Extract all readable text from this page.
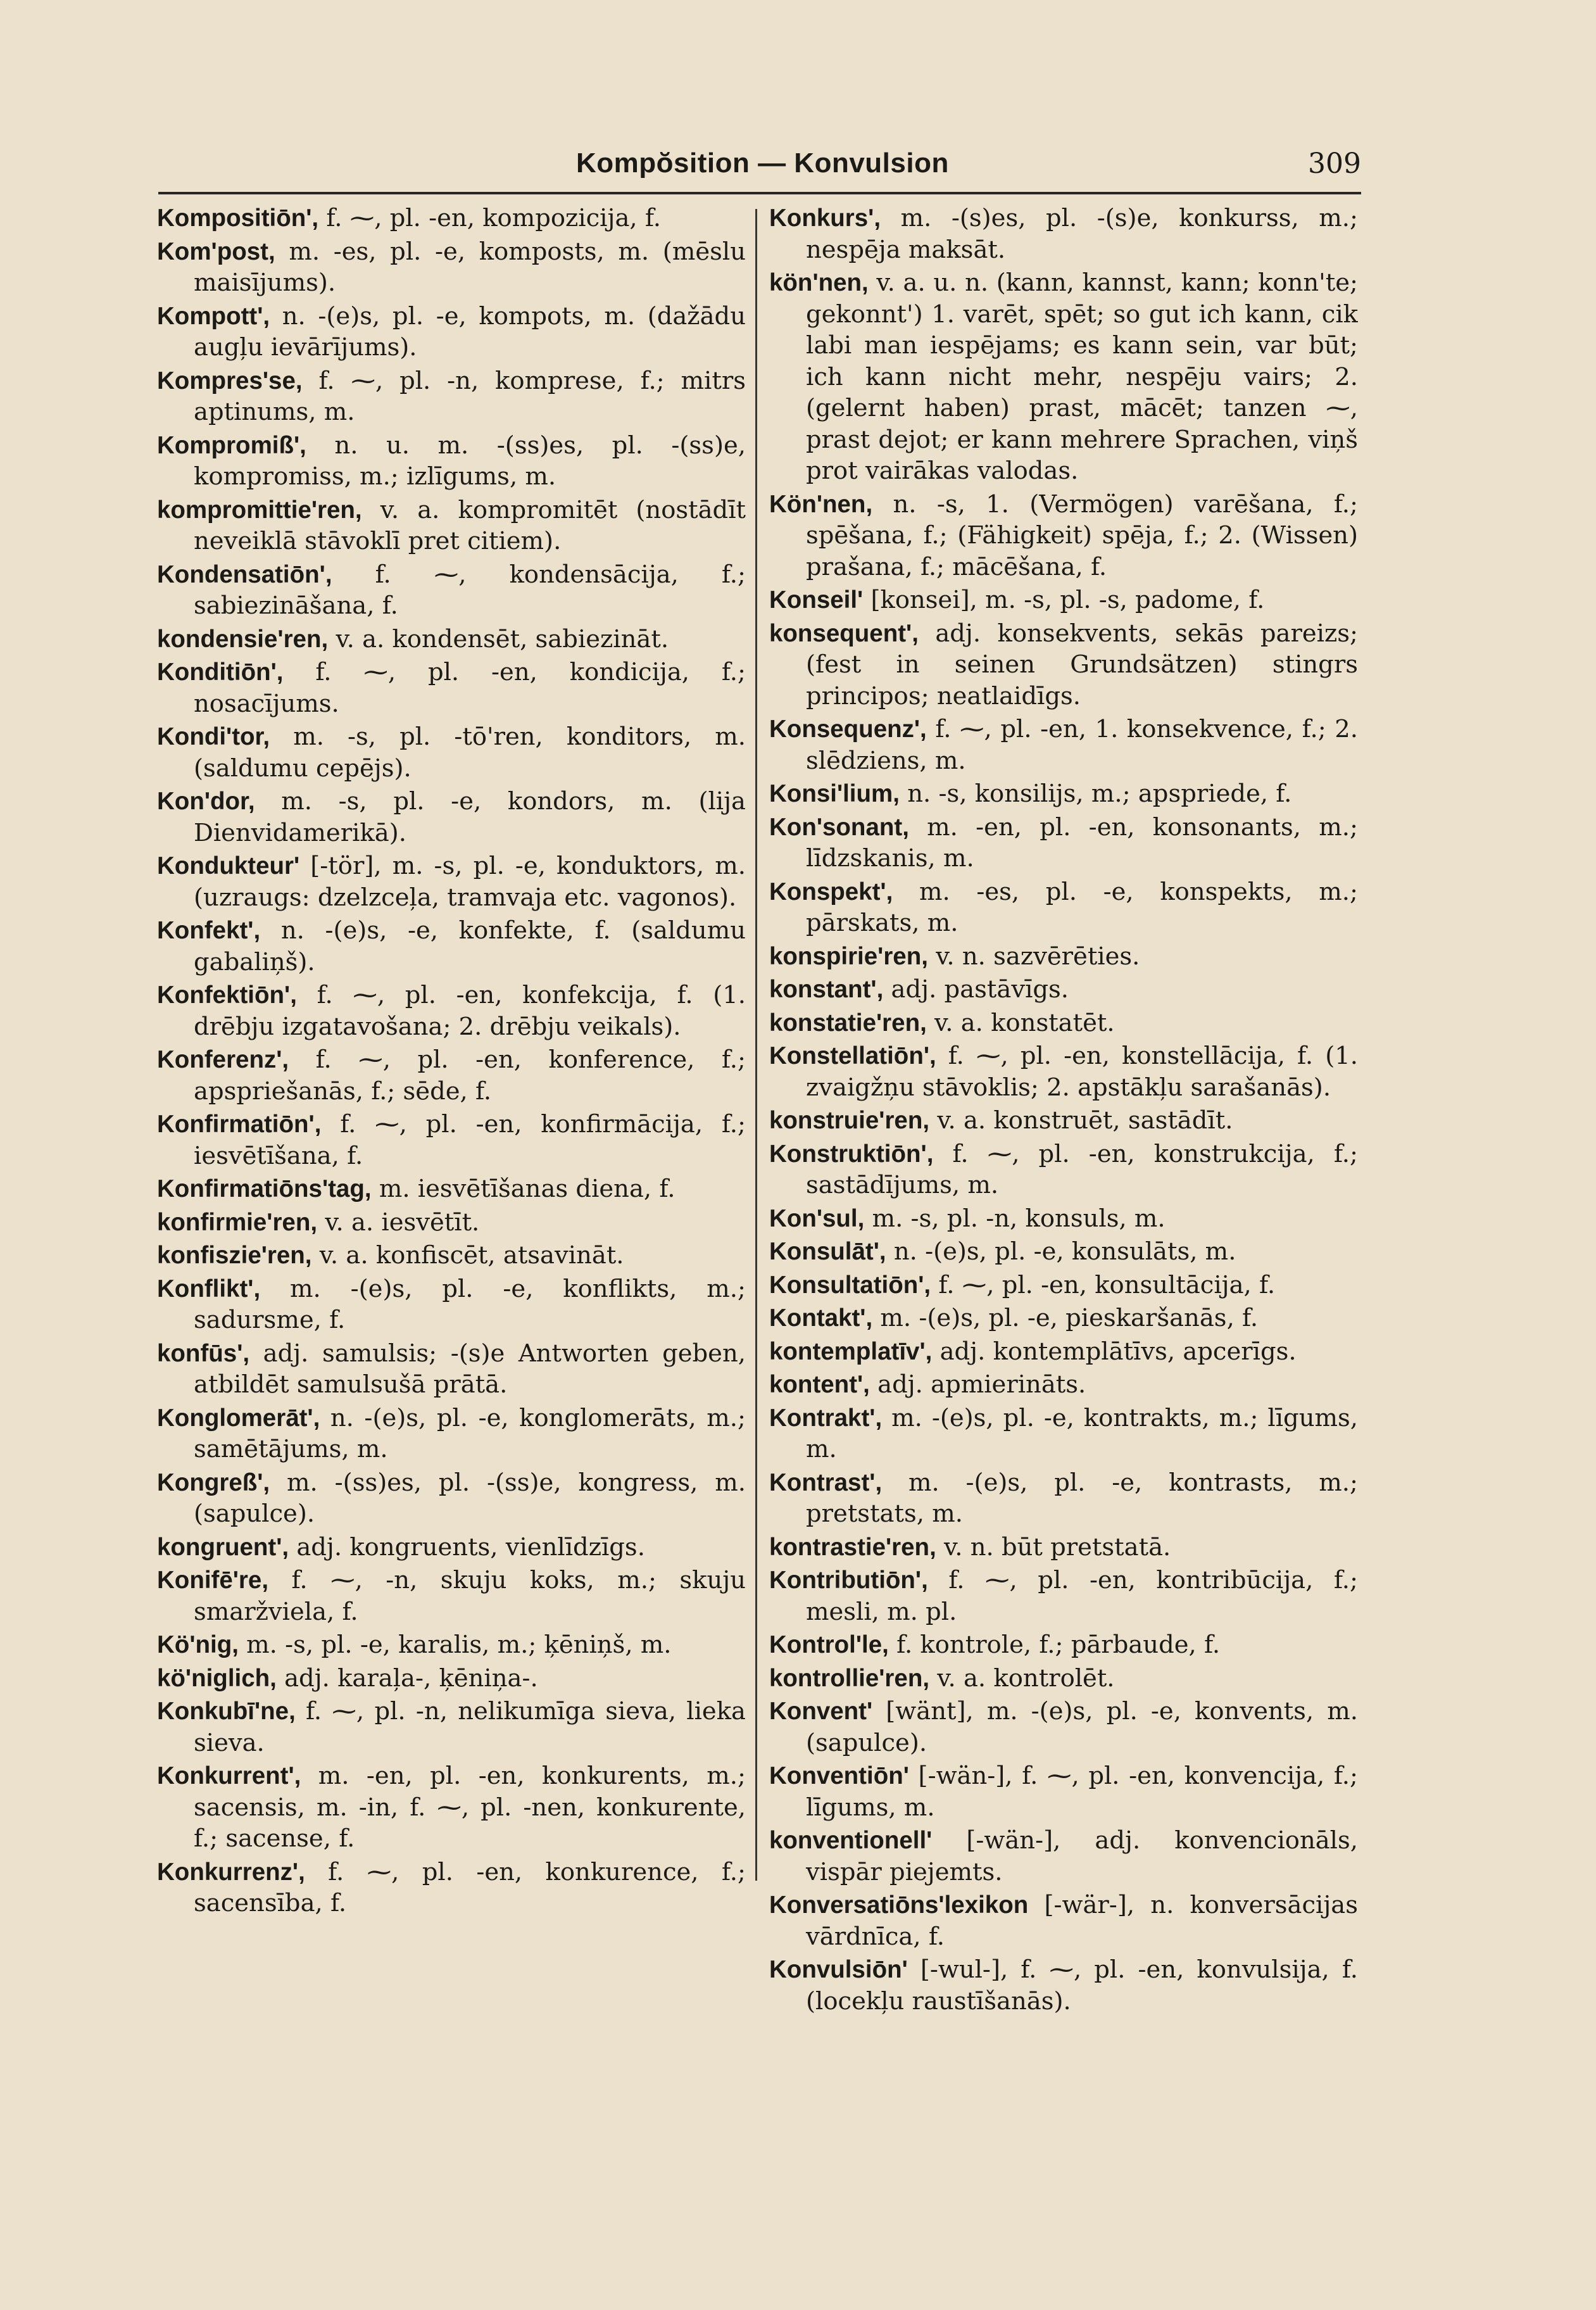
Kompŏsition — Konvulsion	309

Kompositiōn', f. ⁓, pl. -en, kompozicija, f.

Kom'post, m. -es, pl. -e, komposts, m. (mēslu maisījums).

Kompott', n. -(e)s, pl. -e, kompots, m. (dažādu augļu ievārījums).

Kompres'se, f. ⁓, pl. -n, komprese, f.; mitrs aptinums, m.

Kompromiß', n. u. m. -(ss)es, pl. -(ss)e, kompromiss, m.; izlīgums, m.

kompromittie'ren, v. a. kompromitēt (nostādīt neveiklā stāvoklī pret citiem).

Kondensatiōn', f. ⁓, kondensācija, f.; sabiezināšana, f.

kondensie'ren, v. a. kondensēt, sabiezināt.

Konditiōn', f. ⁓, pl. -en, kondicija, f.; nosacījums.

Kondi'tor, m. -s, pl. -tō'ren, konditors, m. (saldumu cepējs).

Kon'dor, m. -s, pl. -e, kondors, m. (lija Dienvidamerikā).

Kondukteur' [-tör], m. -s, pl. -e, konduktors, m. (uzraugs: dzelzceļa, tramvaja etc. vagonos).

Konfekt', n. -(e)s, -e, konfekte, f. (saldumu gabaliņš).

Konfektiōn', f. ⁓, pl. -en, konfekcija, f. (1. drēbju izgatavošana; 2. drēbju veikals).

Konferenz', f. ⁓, pl. -en, konference, f.; apspriešanās, f.; sēde, f.

Konfirmatiōn', f. ⁓, pl. -en, konfirmācija, f.; iesvētīšana, f.

Konfirmatiōns'tag, m. iesvētīšanas diena, f.

konfirmie'ren, v. a. iesvētīt.

konfiszie'ren, v. a. konfiscēt, atsavināt.

Konflikt', m. -(e)s, pl. -e, konflikts, m.; sadursme, f.

konfūs', adj. samulsis; -(s)e Antworten geben, atbildēt samulsušā prātā.

Konglomerāt', n. -(e)s, pl. -e, konglomerāts, m.; samētājums, m.

Kongreß', m. -(ss)es, pl. -(ss)e, kongress, m. (sapulce).

kongruent', adj. kongruents, vienlīdzīgs.

Konifē're, f. ⁓, -n, skuju koks, m.; skuju smaržviela, f.

Kö'nig, m. -s, pl. -e, karalis, m.; ķēniņš, m.

kö'niglich, adj. karaļa-, ķēniņa-.

Konkubī'ne, f. ⁓, pl. -n, nelikumīga sieva, lieka sieva.

Konkurrent', m. -en, pl. -en, konkurents, m.; sacensis, m. -in, f. ⁓, pl. -nen, konkurente, f.; sacense, f.

Konkurrenz', f. ⁓, pl. -en, konkurence, f.; sacensība, f.

Konkurs', m. -(s)es, pl. -(s)e, konkurss, m.; nespēja maksāt.

kön'nen, v. a. u. n. (kann, kannst, kann; konn'te; gekonnt') 1. varēt, spēt; so gut ich kann, cik labi man iespējams; es kann sein, var būt; ich kann nicht mehr, nespēju vairs; 2. (gelernt haben) prast, mācēt; tanzen ⁓, prast dejot; er kann mehrere Sprachen, viņš prot vairākas valodas.

Kön'nen, n. -s, 1. (Vermögen) varēšana, f.; spēšana, f.; (Fähigkeit) spēja, f.; 2. (Wissen) prašana, f.; mācēšana, f.

Konseil' [konsei], m. -s, pl. -s, padome, f.

konsequent', adj. konsekvents, sekās pareizs; (fest in seinen Grundsätzen) stingrs principos; neatlaidīgs.

Konsequenz', f. ⁓, pl. -en, 1. konsekvence, f.; 2. slēdziens, m.

Konsi'lium, n. -s, konsilijs, m.; apspriede, f.

Kon'sonant, m. -en, pl. -en, konsonants, m.; līdzskanis, m.

Konspekt', m. -es, pl. -e, konspekts, m.; pārskats, m.

konspirie'ren, v. n. sazvērēties.

konstant', adj. pastāvīgs.

konstatie'ren, v. a. konstatēt.

Konstellatiōn', f. ⁓, pl. -en, konstellācija, f. (1. zvaigžņu stāvoklis; 2. apstākļu sarašanās).

konstruie'ren, v. a. konstruēt, sastādīt.

Konstruktiōn', f. ⁓, pl. -en, konstrukcija, f.; sastādījums, m.

Kon'sul, m. -s, pl. -n, konsuls, m.

Konsulāt', n. -(e)s, pl. -e, konsulāts, m.

Konsultatiōn', f. ⁓, pl. -en, konsultācija, f.

Kontakt', m. -(e)s, pl. -e, pieskaršanās, f.

kontemplatīv', adj. kontemplātīvs, apcerīgs.

kontent', adj. apmierināts.

Kontrakt', m. -(e)s, pl. -e, kontrakts, m.; līgums, m.

Kontrast', m. -(e)s, pl. -e, kontrasts, m.; pretstats, m.

kontrastie'ren, v. n. būt pretstatā.

Kontributiōn', f. ⁓, pl. -en, kontribūcija, f.; mesli, m. pl.

Kontrol'le, f. kontrole, f.; pārbaude, f.

kontrollie'ren, v. a. kontrolēt.

Konvent' [wänt], m. -(e)s, pl. -e, konvents, m. (sapulce).

Konventiōn' [-wän-], f. ⁓, pl. -en, konvencija, f.; līgums, m.

konventionell' [-wän-], adj. konvencionāls, vispār piejemts.

Konversatiōns'lexikon [-wär-], n. konversācijas vārdnīca, f.

Konvulsiōn' [-wul-], f. ⁓, pl. -en, konvulsija, f. (locekļu raustīšanās).
